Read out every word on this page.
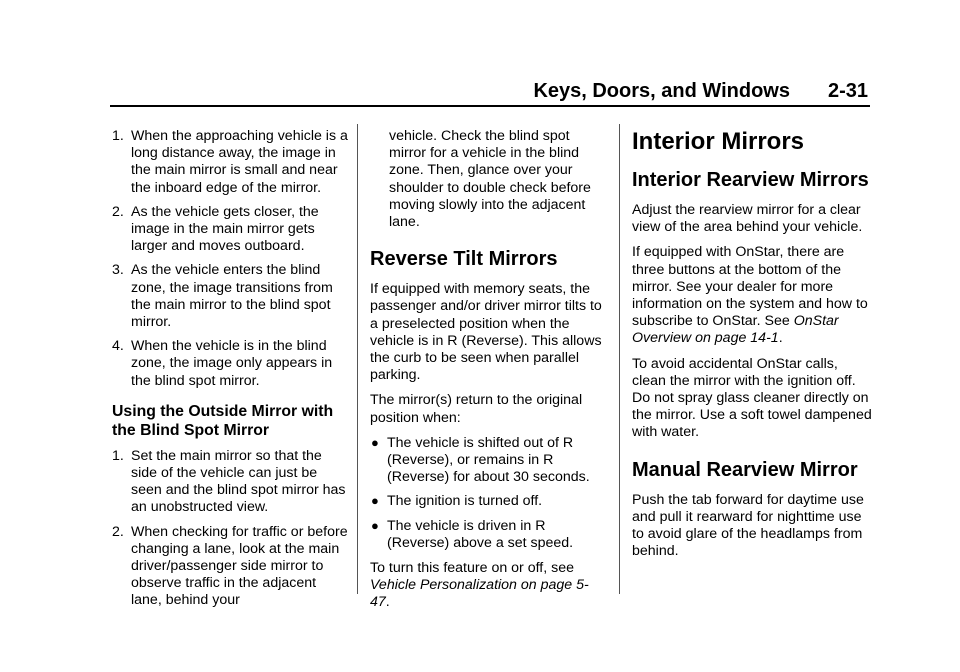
Keys, Doors, and Windows 2-31
1. When the approaching vehicle is a long distance away, the image in the main mirror is small and near the inboard edge of the mirror.
2. As the vehicle gets closer, the image in the main mirror gets larger and moves outboard.
3. As the vehicle enters the blind zone, the image transitions from the main mirror to the blind spot mirror.
4. When the vehicle is in the blind zone, the image only appears in the blind spot mirror.
Using the Outside Mirror with the Blind Spot Mirror
1. Set the main mirror so that the side of the vehicle can just be seen and the blind spot mirror has an unobstructed view.
2. When checking for traffic or before changing a lane, look at the main driver/passenger side mirror to observe traffic in the adjacent lane, behind your

vehicle. Check the blind spot mirror for a vehicle in the blind zone. Then, glance over your shoulder to double check before moving slowly into the adjacent lane.

Reverse Tilt Mirrors

If equipped with memory seats, the passenger and/or driver mirror tilts to a preselected position when the vehicle is in R (Reverse). This allows the curb to be seen when parallel parking.

The mirror(s) return to the original position when:

● The vehicle is shifted out of R (Reverse), or remains in R (Reverse) for about 30 seconds.
● The ignition is turned off.
● The vehicle is driven in R (Reverse) above a set speed.

To turn this feature on or off, see Vehicle Personalization on page 5-47.

Interior Mirrors
Interior Rearview Mirrors

Adjust the rearview mirror for a clear view of the area behind your vehicle.

If equipped with OnStar, there are three buttons at the bottom of the mirror. See your dealer for more information on the system and how to subscribe to OnStar. See OnStar Overview on page 14-1.

To avoid accidental OnStar calls, clean the mirror with the ignition off. Do not spray glass cleaner directly on the mirror. Use a soft towel dampened with water.

Manual Rearview Mirror

Push the tab forward for daytime use and pull it rearward for nighttime use to avoid glare of the headlamps from behind.
